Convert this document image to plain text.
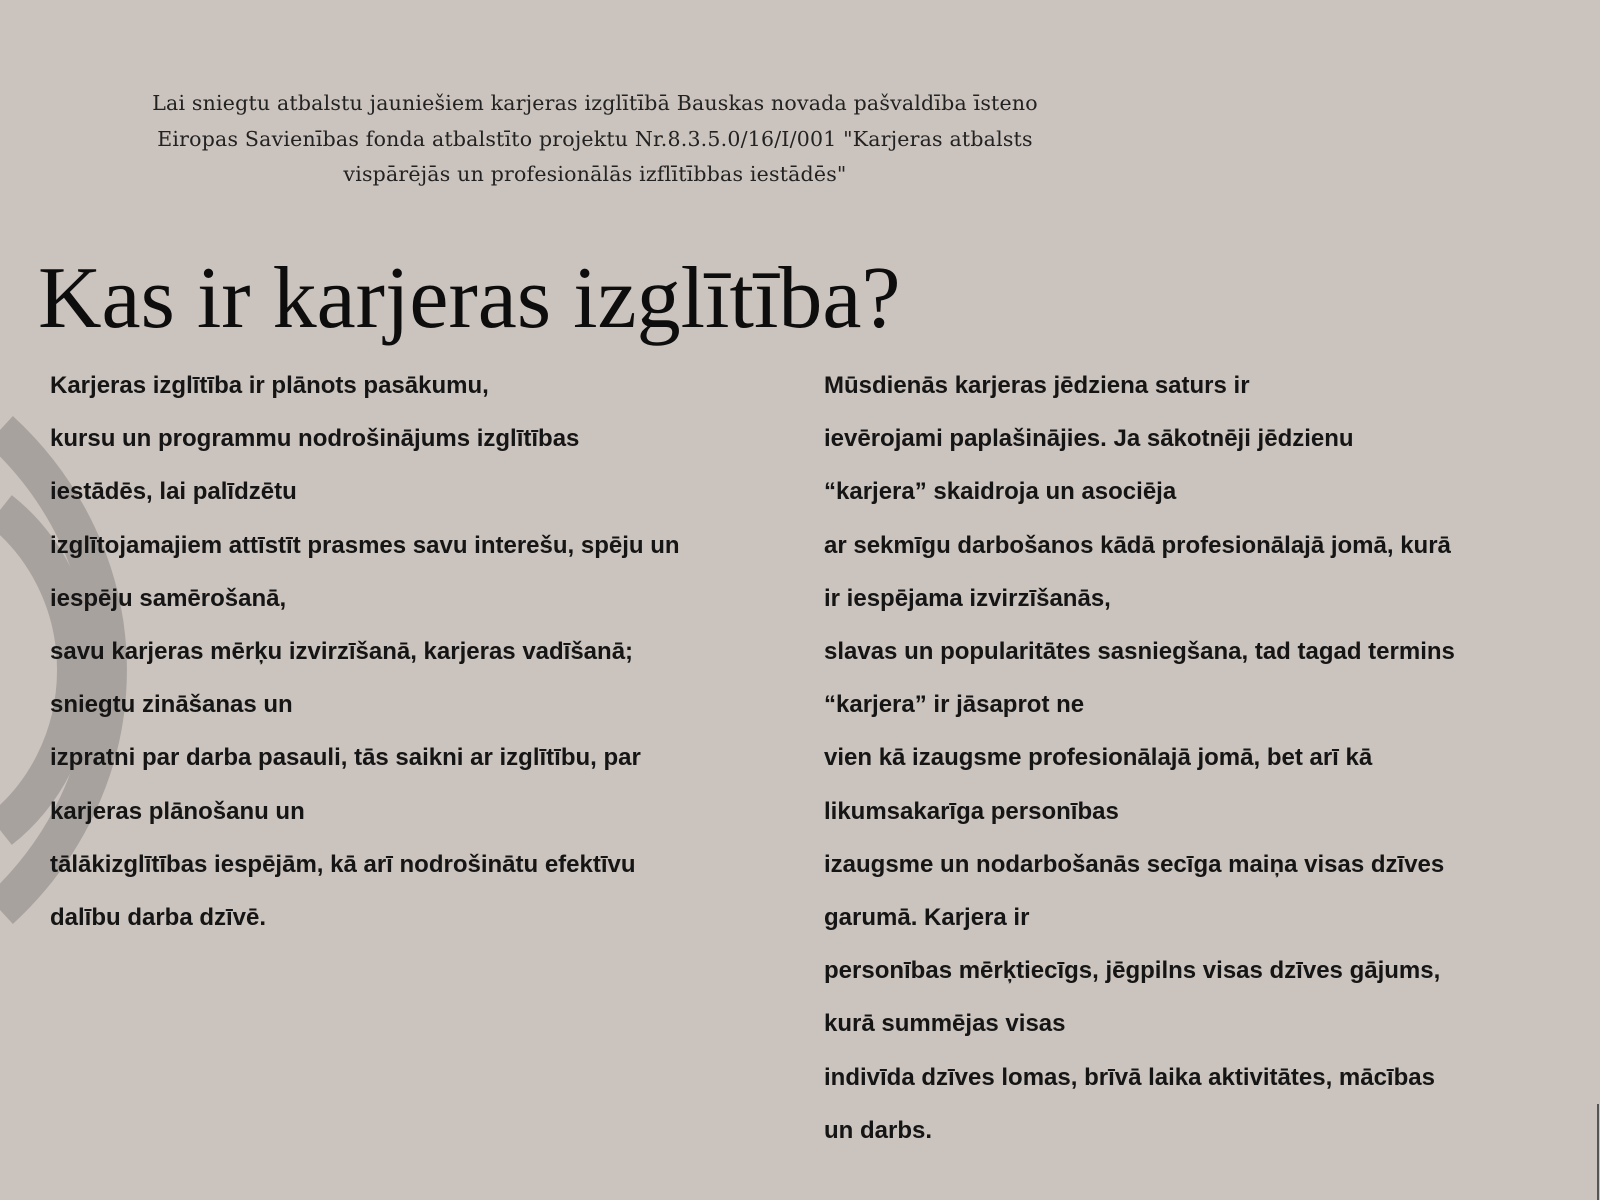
Lai sniegtu atbalstu jauniešiem karjeras izglītībā Bauskas novada pašvaldība īsteno
Eiropas Savienības fonda atbalstīto projektu Nr.8.3.5.0/16/I/001 "Karjeras atbalsts
vispārējās un profesionālās izflītībbas iestādēs"
Kas ir karjeras izglītība?
Karjeras izglītība ir plānots pasākumu,
kursu un programmu nodrošinājums izglītības
iestādēs, lai palīdzētu
izglītojamajiem attīstīt prasmes savu interešu, spēju un
iespēju samērošanā,
savu karjeras mērķu izvirzīšanā, karjeras vadīšanā;
sniegtu zināšanas un
izpratni par darba pasauli, tās saikni ar izglītību, par
karjeras plānošanu un
tālākizglītības iespējām, kā arī nodrošinātu efektīvu
dalību darba dzīvē.
Mūsdienās karjeras jēdziena saturs ir
ievērojami paplašinājies. Ja sākotnēji jēdzienu
“karjera” skaidroja un asociēja
ar sekmīgu darbošanos kādā profesionālajā jomā, kurā
ir iespējama izvirzīšanās,
slavas un popularitātes sasniegšana, tad tagad termins
“karjera” ir jāsaprot ne
vien kā izaugsme profesionālajā jomā, bet arī kā
likumsakarīga personības
izaugsme un nodarbošanās secīga maiņa visas dzīves
garumā. Karjera ir
personības mērķtiecīgs, jēgpilns visas dzīves gājums,
kurā summējas visas
indivīda dzīves lomas, brīvā laika aktivitātes, mācības
un darbs.
